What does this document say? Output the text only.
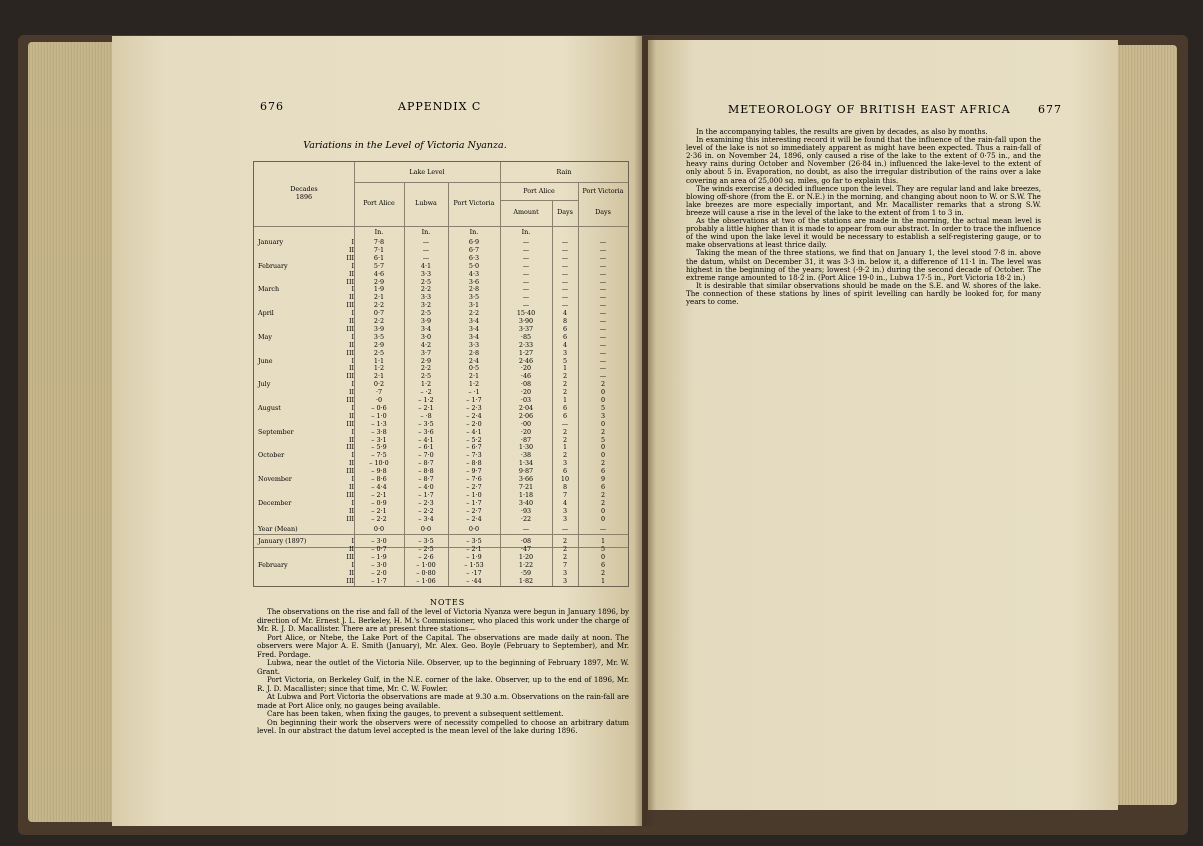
676	APPENDIX C
Variations in the Level of Victoria Nyanza.
Decades
1896
Lake Level	Rain
Port Alice	Lubwa	Port Victoria
Port Alice	Port Victoria
Amount	Days	Days
In.	In.	In.	In.
January	I	7·8	—	6·9	—	—	—
II	7·1	—	6·7	—	—	—
III	6·1	—	6·3	—	—	—
February	I	5·7	4·1	5·0	—	—	—
II	4·6	3·3	4·3	—	—	—
III	2·9	2·5	3·6	—	—	—
March	I	1·9	2·2	2·8	—	—	—
II	2·1	3·3	3·5	—	—	—
III	2·2	3·2	3·1	—	—	—
April	I	0·7	2·5	2·2	15·40	4	—
II	2·2	3·9	3·4	3·90	8	—
III	3·9	3·4	3·4	3·37	6	—
May	I	3·5	3·0	3·4	·85	6	—
II	2·9	4·2	3·3	2·33	4	—
III	2·5	3·7	2·8	1·27	3	—
June	I	1·1	2·9	2·4	2·46	5	—
II	1·2	2·2	0·5	·20	1	—
III	2·1	2·5	2·1	·46	2	—
July	I	0·2	1·2	1·2	·08	2	2
II	·7	– ·2	– ·1	·20	2	0
III	·0	– 1·2	– 1·7	·03	1	0
August	I	– 0·6	– 2·1	– 2·3	2·04	6	5
II	– 1·0	– ·8	– 2·4	2·06	6	3
III	– 1·3	– 3·5	– 2·0	·00	—	0
September	I	– 3·8	– 3·6	– 4·1	·20	2	2
II	– 3·1	– 4·1	– 5·2	·87	2	5
III	– 5·9	– 6·1	– 6·7	1·30	1	0
October	I	– 7·5	– 7·0	– 7·3	·38	2	0
II	– 10·0	– 8·7	– 8·8	1·34	3	2
III	– 9·8	– 8·8	– 9·7	9·87	6	6
November	I	– 8·6	– 8·7	– 7·6	3·66	10	9
II	– 4·4	– 4·0	– 2·7	7·21	8	6
III	– 2·1	– 1·7	– 1·0	1·18	7	2
December	I	– 0·9	– 2·3	– 1·7	3·40	4	2
II	– 2·1	– 2·2	– 2·7	·93	3	0
III	– 2·2	– 3·4	– 2·4	·22	3	0
Year (Mean)	0·0	0·0	0·0	—	—	—
January (1897)	I	– 3·0	– 3·5	– 3·5	·08	2	1
II	– 0·7	– 2·5	– 2·1	·47	2	5
III	– 1·9	– 2·6	– 1·9	1·20	2	0
February	I	– 3·0	– 1·00	– 1·53	1·22	7	6
II	– 2·0	– 0·80	– ·17	·59	3	2
III	– 1·7	– 1·06	– ·44	1·82	3	1
NOTES

The observations on the rise and fall of the level of Victoria Nyanza were begun in January 1896, by direction of Mr. Ernest J. L. Berkeley, H. M.'s Commissioner, who placed this work under the charge of Mr. R. J. D. Macallister. There are at present three stations—

Port Alice, or Ntebe, the Lake Port of the Capital. The observations are made daily at noon. The observers were Major A. E. Smith (January), Mr. Alex. Geo. Boyle (February to September), and Mr. Fred. Pordage.

Lubwa, near the outlet of the Victoria Nile. Observer, up to the beginning of February 1897, Mr. W. Grant.

Port Victoria, on Berkeley Gulf, in the N.E. corner of the lake. Observer, up to the end of 1896, Mr. R. J. D. Macallister; since that time, Mr. C. W. Fowler.

At Lubwa and Port Victoria the observations are made at 9.30 a.m. Observations on the rain-fall are made at Port Alice only, no gauges being available.

Care has been taken, when fixing the gauges, to prevent a subsequent settlement.

On beginning their work the observers were of necessity compelled to choose an arbitrary datum level. In our abstract the datum level accepted is the mean level of the lake during 1896.

METEOROLOGY OF BRITISH EAST AFRICA 677

In the accompanying tables, the results are given by decades, as also by months.

In examining this interesting record it will be found that the influence of the rain-fall upon the level of the lake is not so immediately apparent as might have been expected. Thus a rain-fall of 2·36 in. on November 24, 1896, only caused a rise of the lake to the extent of 0·75 in., and the heavy rains during October and November (26·84 in.) influenced the lake-level to the extent of only about 5 in. Evaporation, no doubt, as also the irregular distribution of the rains over a lake covering an area of 25,000 sq. miles, go far to explain this.

The winds exercise a decided influence upon the level. They are regular land and lake breezes, blowing off-shore (from the E. or N.E.) in the morning, and changing about noon to W. or S.W. The lake breezes are more especially important, and Mr. Macallister remarks that a strong S.W. breeze will cause a rise in the level of the lake to the extent of from 1 to 3 in.

As the observations at two of the stations are made in the morning, the actual mean level is probably a little higher than it is made to appear from our abstract. In order to trace the influence of the wind upon the lake level it would be necessary to establish a self-registering gauge, or to make observations at least thrice daily.

Taking the mean of the three stations, we find that on January 1, the level stood 7·8 in. above the datum, whilst on December 31, it was 3·3 in. below it, a difference of 11·1 in. The level was highest in the beginning of the years; lowest (-9·2 in.) during the second decade of October. The extreme range amounted to 18·2 in. (Port Alice 19·0 in., Lubwa 17·5 in., Port Victoria 18·2 in.)

It is desirable that similar observations should be made on the S.E. and W. shores of the lake. The connection of these stations by lines of spirit levelling can hardly be looked for, for many years to come.
